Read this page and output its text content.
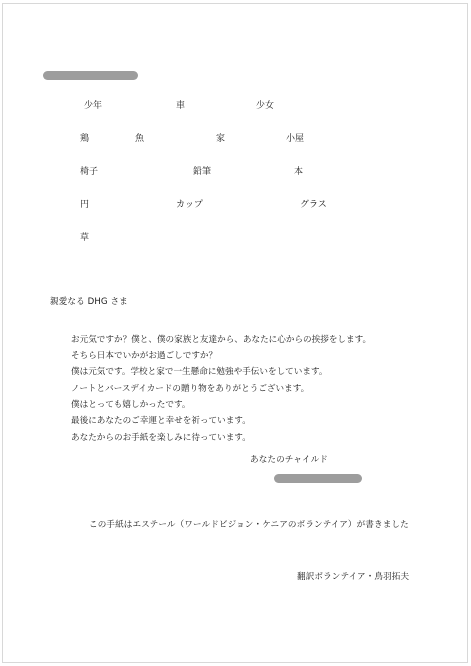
少年	車	少女
鶏	魚	家	小屋
椅子	鉛筆	本
円	カップ	グラス
草
親愛なる DHG さま
お元気ですか？僕と、僕の家族と友達から、あなたに心からの挨拶をします。
そちら日本でいかがお過ごしですか？
僕は元気です。学校と家で一生懸命に勉強や手伝いをしています。
ノートとバースデイカードの贈り物をありがとうございます。
僕はとっても嬉しかったです。
最後にあなたのご幸運と幸せを祈っています。
あなたからのお手紙を楽しみに待っています。
あなたのチャイルド
この手紙はエステール（ワールドビジョン・ケニアのボランテイア）が書きました
翻訳ボランテイア・鳥羽拓夫
